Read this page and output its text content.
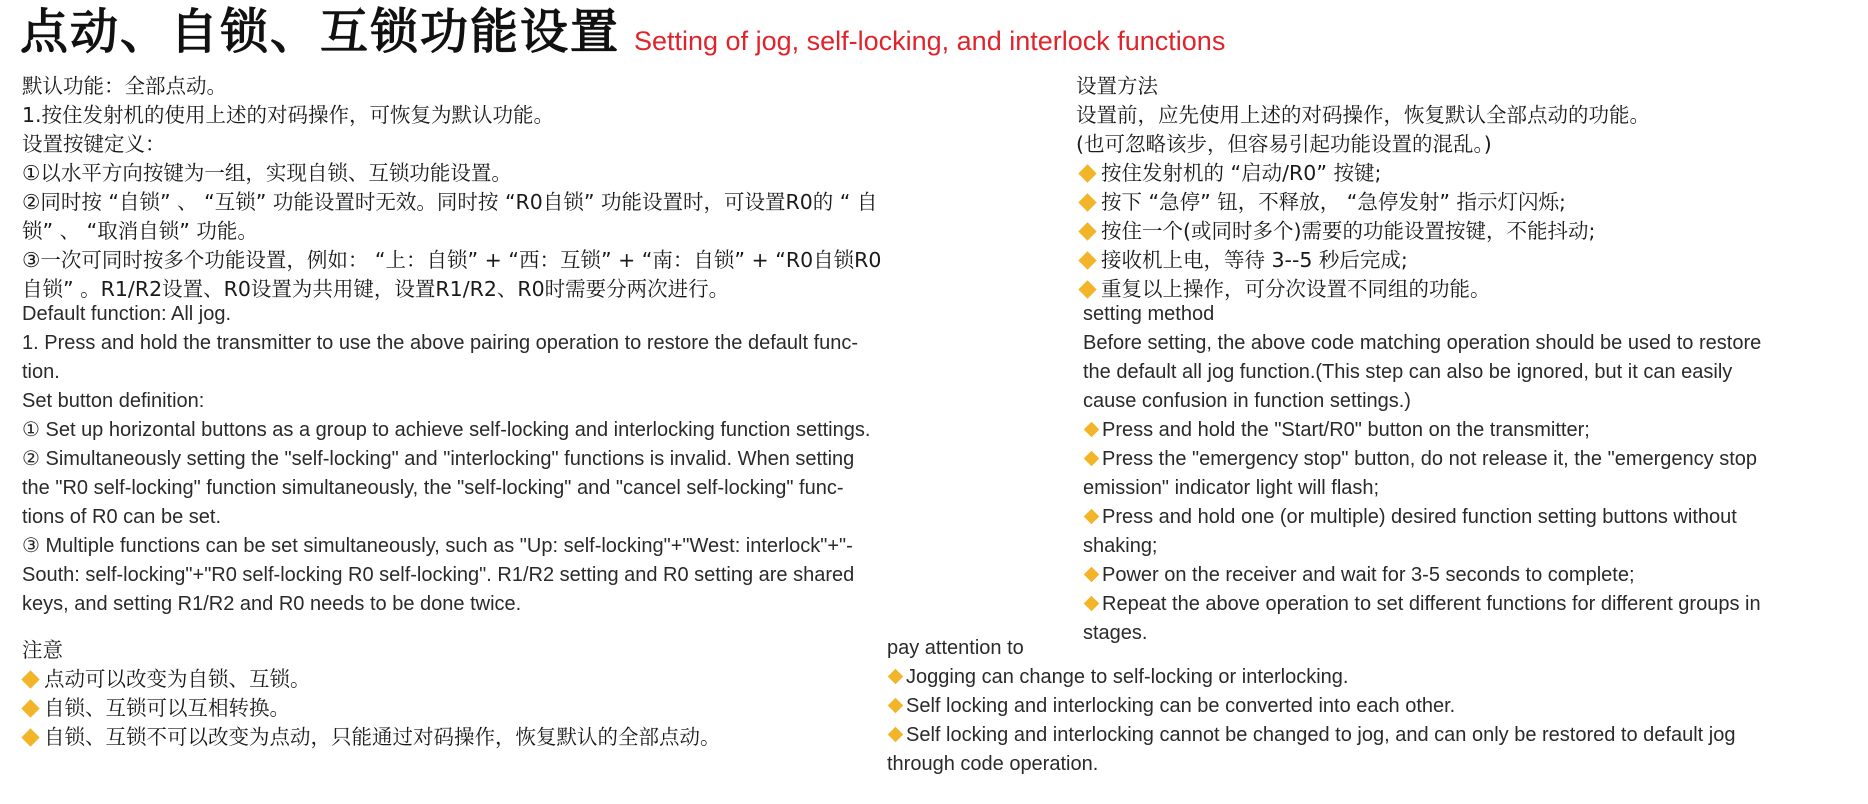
点动、自锁、互锁功能设置 Setting of jog, self-locking, and interlock functions
默认功能：全部点动。
1.按住发射机的使用上述的对码操作，可恢复为默认功能。
设置按键定义：
①以水平方向按键为一组，实现自锁、互锁功能设置。
②同时按 “自锁” 、 “互锁” 功能设置时无效。同时按 “R0自锁” 功能设置时，可设置R0的 “ 自
锁” 、 “取消自锁” 功能。
③一次可同时按多个功能设置，例如： “上：自锁” + “西：互锁” + “南：自锁” + “R0自锁R0
自锁” 。R1/R2设置、R0设置为共用键，设置R1/R2、R0时需要分两次进行。
Default function: All jog.
1. Press and hold the transmitter to use the above pairing operation to restore the default func-
tion.
Set button definition:
① Set up horizontal buttons as a group to achieve self-locking and interlocking function settings.
② Simultaneously setting the "self-locking" and "interlocking" functions is invalid. When setting
the "R0 self-locking" function simultaneously, the "self-locking" and "cancel self-locking" func-
tions of R0 can be set.
③ Multiple functions can be set simultaneously, such as "Up: self-locking"+"West: interlock"+"-
South: self-locking"+"R0 self-locking R0 self-locking". R1/R2 setting and R0 setting are shared
keys, and setting R1/R2 and R0 needs to be done twice.
设置方法
设置前，应先使用上述的对码操作，恢复默认全部点动的功能。
(也可忽略该步，但容易引起功能设置的混乱。)
按住发射机的 “启动/R0” 按键;
按下 “急停” 钮，不释放， “急停发射” 指示灯闪烁;
按住一个(或同时多个)需要的功能设置按键，不能抖动;
接收机上电，等待 3--5 秒后完成;
重复以上操作，可分次设置不同组的功能。
setting method
Before setting, the above code matching operation should be used to restore
the default all jog function.(This step can also be ignored, but it can easily
cause confusion in function settings.)
Press and hold the "Start/R0" button on the transmitter;
Press the "emergency stop" button, do not release it, the "emergency stop
emission" indicator light will flash;
Press and hold one (or multiple) desired function setting buttons without
shaking;
Power on the receiver and wait for 3-5 seconds to complete;
Repeat the above operation to set different functions for different groups in
stages.
注意
点动可以改变为自锁、互锁。
自锁、互锁可以互相转换。
自锁、互锁不可以改变为点动，只能通过对码操作，恢复默认的全部点动。
pay attention to
Jogging can change to self-locking or interlocking.
Self locking and interlocking can be converted into each other.
Self locking and interlocking cannot be changed to jog, and can only be restored to default jog
through code operation.
